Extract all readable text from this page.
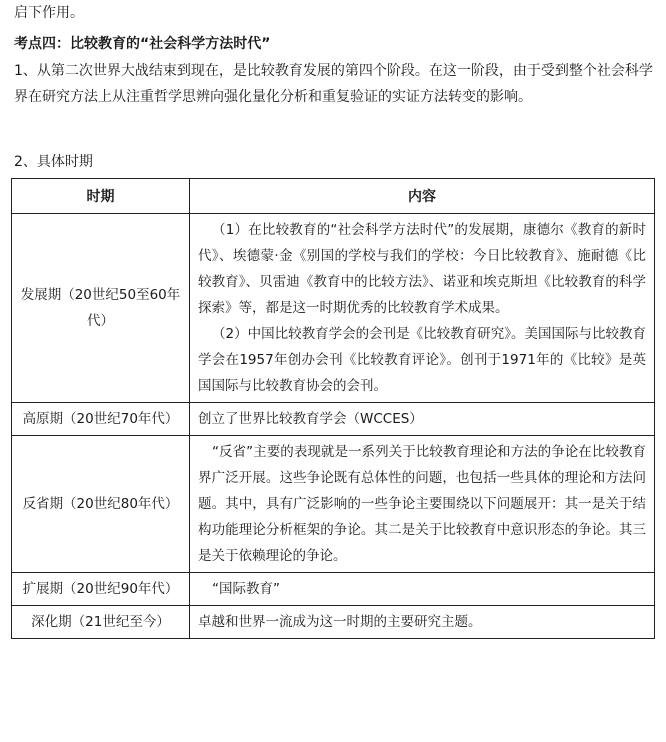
启下作用。
考点四：比较教育的“社会科学方法时代”
1、从第二次世界大战结束到现在，是比较教育发展的第四个阶段。在这一阶段，由于受到整个社会科学界在研究方法上从注重哲学思辨向强化量化分析和重复验证的实证方法转变的影响。
2、具体时期
时期	内容
发展期（20世纪50至60年代）	（1）在比较教育的“社会科学方法时代”的发展期，康德尔《教育的新时代》、埃德蒙·金《别国的学校与我们的学校：今日比较教育》、施耐德《比较教育》、贝雷迪《教育中的比较方法》、诺亚和埃克斯坦《比较教育的科学探索》等，都是这一时期优秀的比较教育学术成果。

（2）中国比较教育学会的会刊是《比较教育研究》。美国国际与比较教育学会在1957年创办会刊《比较教育评论》。创刊于1971年的《比较》是英国国际与比较教育协会的会刊。

高原期（20世纪70年代）	创立了世界比较教育学会（WCCES）

反省期（20世纪80年代）	“反省”主要的表现就是一系列关于比较教育理论和方法的争论在比较教育界广泛开展。这些争论既有总体性的问题，也包括一些具体的理论和方法问题。其中，具有广泛影响的一些争论主要围绕以下问题展开：其一是关于结构功能理论分析框架的争论。其二是关于比较教育中意识形态的争论。其三是关于依赖理论的争论。

扩展期（20世纪90年代）	“国际教育”

深化期（21世纪至今）	卓越和世界一流成为这一时期的主要研究主题。
